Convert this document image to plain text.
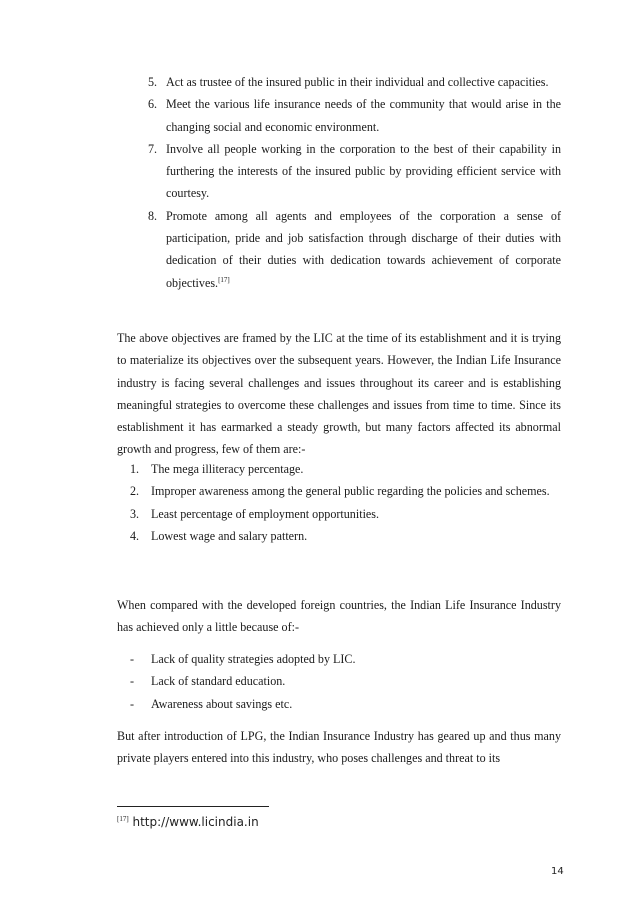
5. Act as trustee of the insured public in their individual and collective capacities.
6. Meet the various life insurance needs of the community that would arise in the changing social and economic environment.
7. Involve all people working in the corporation to the best of their capability in furthering the interests of the insured public by providing efficient service with courtesy.
8. Promote among all agents and employees of the corporation a sense of participation, pride and job satisfaction through discharge of their duties with dedication of their duties with dedication towards achievement of corporate objectives.[17]

The above objectives are framed by the LIC at the time of its establishment and it is trying to materialize its objectives over the subsequent years. However, the Indian Life Insurance industry is facing several challenges and issues throughout its career and is establishing meaningful strategies to overcome these challenges and issues from time to time. Since its establishment it has earmarked a steady growth, but many factors affected its abnormal growth and progress, few of them are:-

1. The mega illiteracy percentage.
2. Improper awareness among the general public regarding the policies and schemes.
3. Least percentage of employment opportunities.
4. Lowest wage and salary pattern.

When compared with the developed foreign countries, the Indian Life Insurance Industry has achieved only a little because of:-

- Lack of quality strategies adopted by LIC.
- Lack of standard education.
- Awareness about savings etc.

But after introduction of LPG, the Indian Insurance Industry has geared up and thus many private players entered into this industry, who poses challenges and threat to its

[17] http://www.licindia.in
14
